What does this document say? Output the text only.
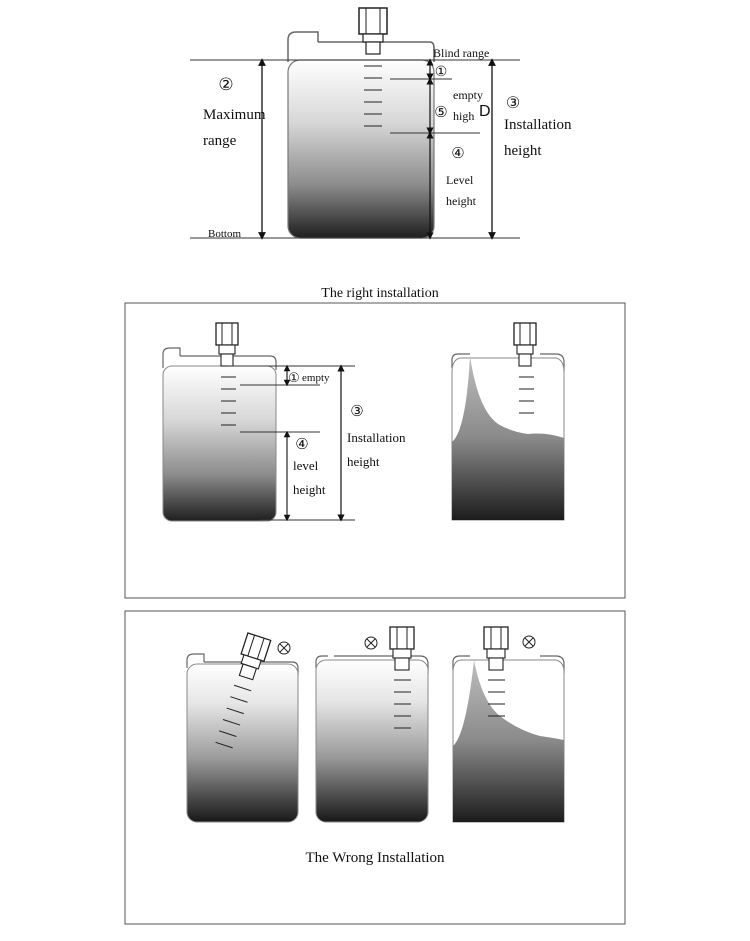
②
Maximum
range
Bottom
Blind range
①
⑤
empty
high D ③
Installation
height
④
Level
height
The right installation
① empty
③
Installation
height
④
level
height
The Wrong Installation
